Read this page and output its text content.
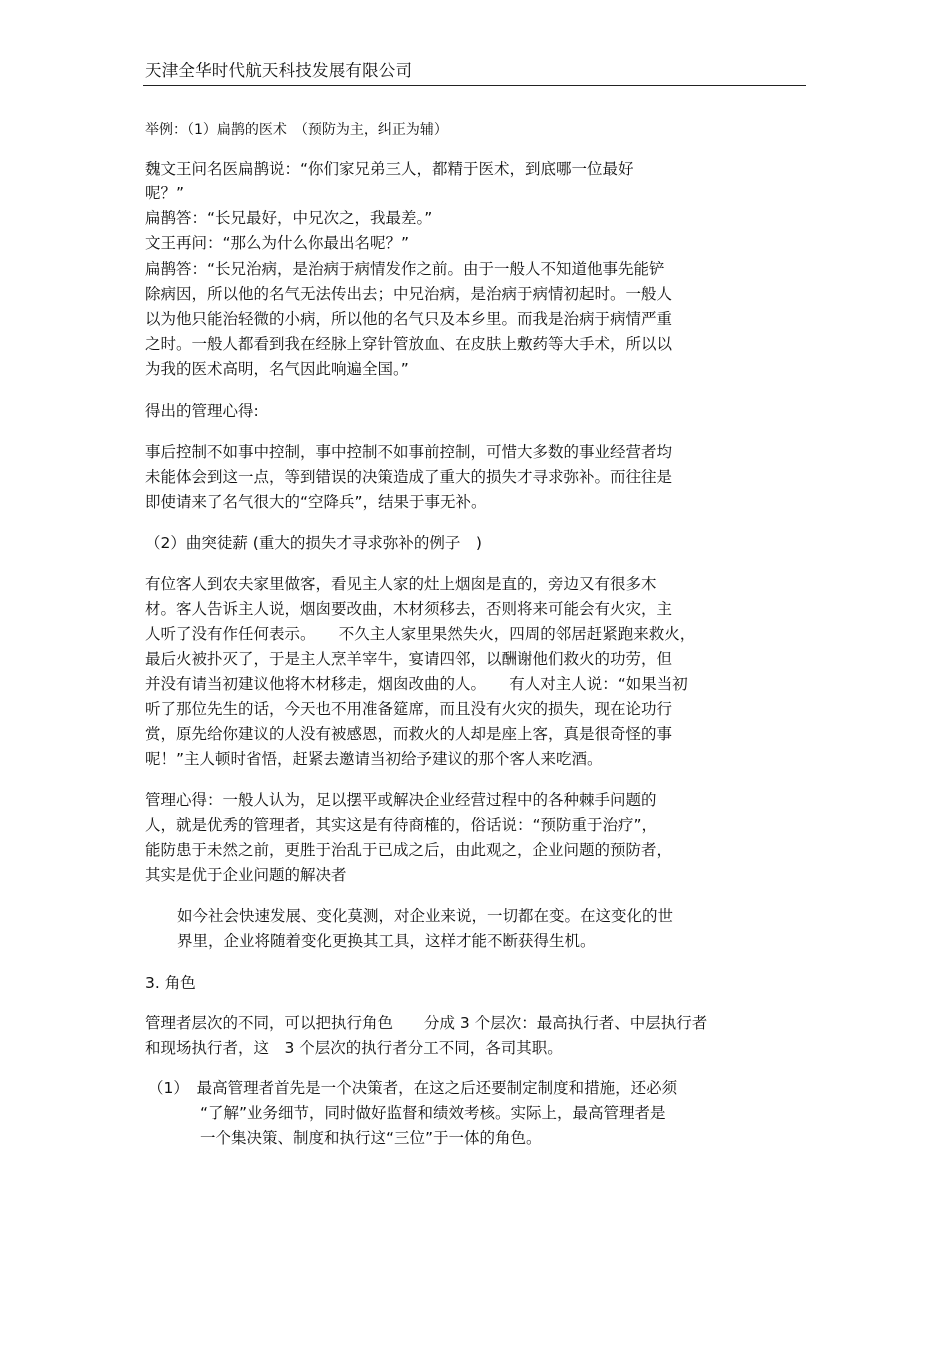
天津全华时代航天科技发展有限公司
举例：（1）扁鹊的医术　（预防为主，纠正为辅）
魏文王问名医扁鹊说：“你们家兄弟三人，都精于医术，到底哪一位最好
呢？”
扁鹊答：“长兄最好，中兄次之，我最差。”
文王再问：“那么为什么你最出名呢？”
扁鹊答：“长兄治病，是治病于病情发作之前。由于一般人不知道他事先能铲
除病因，所以他的名气无法传出去；中兄治病，是治病于病情初起时。一般人
以为他只能治轻微的小病，所以他的名气只及本乡里。而我是治病于病情严重
之时。一般人都看到我在经脉上穿针管放血、在皮肤上敷药等大手术，所以以
为我的医术高明，名气因此响遍全国。”
得出的管理心得:
事后控制不如事中控制，事中控制不如事前控制，可惜大多数的事业经营者均
未能体会到这一点，等到错误的决策造成了重大的损失才寻求弥补。而往往是
即使请来了名气很大的“空降兵”，结果于事无补。
（2）曲突徒薪 (重大的损失才寻求弥补的例子　)
有位客人到农夫家里做客，看见主人家的灶上烟囱是直的，旁边又有很多木
材。客人告诉主人说，烟囱要改曲，木材须移去，否则将来可能会有火灾，主
人听了没有作任何表示。　　不久主人家里果然失火，四周的邻居赶紧跑来救火，
最后火被扑灭了，于是主人烹羊宰牛，宴请四邻，以酬谢他们救火的功劳，但
并没有请当初建议他将木材移走，烟囱改曲的人。　　有人对主人说：“如果当初
听了那位先生的话，今天也不用准备筵席，而且没有火灾的损失，现在论功行
赏，原先给你建议的人没有被感恩，而救火的人却是座上客，真是很奇怪的事
呢！”主人顿时省悟，赶紧去邀请当初给予建议的那个客人来吃酒。
管理心得：一般人认为，足以摆平或解决企业经营过程中的各种棘手问题的
人，就是优秀的管理者，其实这是有待商榷的，俗话说：“预防重于治疗”，
能防患于未然之前，更胜于治乱于已成之后，由此观之，企业问题的预防者，
其实是优于企业问题的解决者
如今社会快速发展、变化莫测，对企业来说，一切都在变。在这变化的世
界里，企业将随着变化更换其工具，这样才能不断获得生机。
3. 角色
管理者层次的不同，可以把执行角色　　分成 3 个层次：最高执行者、中层执行者
和现场执行者，这　3 个层次的执行者分工不同，各司其职。
（1）　最高管理者首先是一个决策者，在这之后还要制定制度和措施，还必须
“了解”业务细节，同时做好监督和绩效考核。实际上，最高管理者是
一个集决策、制度和执行这“三位”于一体的角色。
